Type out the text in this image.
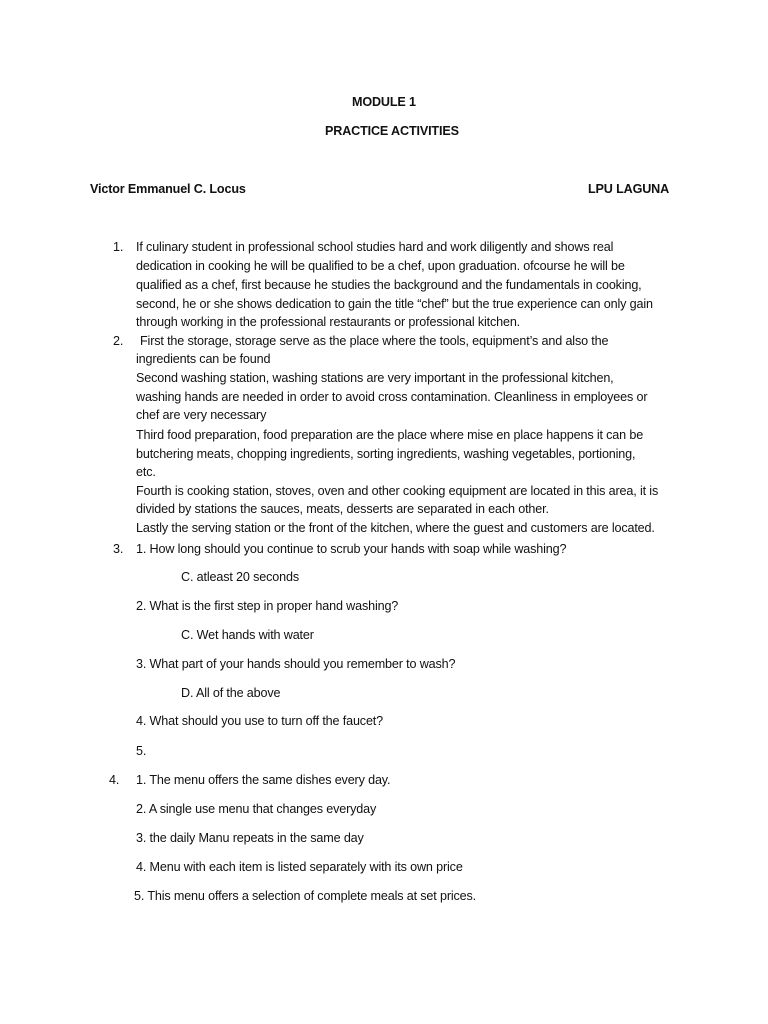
MODULE 1
PRACTICE ACTIVITIES
Victor Emmanuel C. Locus	LPU LAGUNA
1. If culinary student in professional school studies hard and work diligently and shows real
dedication in cooking he will be qualified to be a chef, upon graduation. ofcourse he will be
qualified as a chef, first because he studies the background and the fundamentals in cooking,
second, he or she shows dedication to gain the title “chef” but the true experience can only gain
through working in the professional restaurants or professional kitchen.
2. First the storage, storage serve as the place where the tools, equipment’s and also the
ingredients can be found
Second washing station, washing stations are very important in the professional kitchen,
washing hands are needed in order to avoid cross contamination. Cleanliness in employees or
chef are very necessary
Third food preparation, food preparation are the place where mise en place happens it can be
butchering meats, chopping ingredients, sorting ingredients, washing vegetables, portioning,
etc.
Fourth is cooking station, stoves, oven and other cooking equipment are located in this area, it is
divided by stations the sauces, meats, desserts are separated in each other.
Lastly the serving station or the front of the kitchen, where the guest and customers are located.
3. 1. How long should you continue to scrub your hands with soap while washing?
C. atleast 20 seconds
2. What is the first step in proper hand washing?
C. Wet hands with water
3. What part of your hands should you remember to wash?
D. All of the above
4. What should you use to turn off the faucet?
5.
4. 1. The menu offers the same dishes every day.
2. A single use menu that changes everyday
3. the daily Manu repeats in the same day
4. Menu with each item is listed separately with its own price
5. This menu offers a selection of complete meals at set prices.
